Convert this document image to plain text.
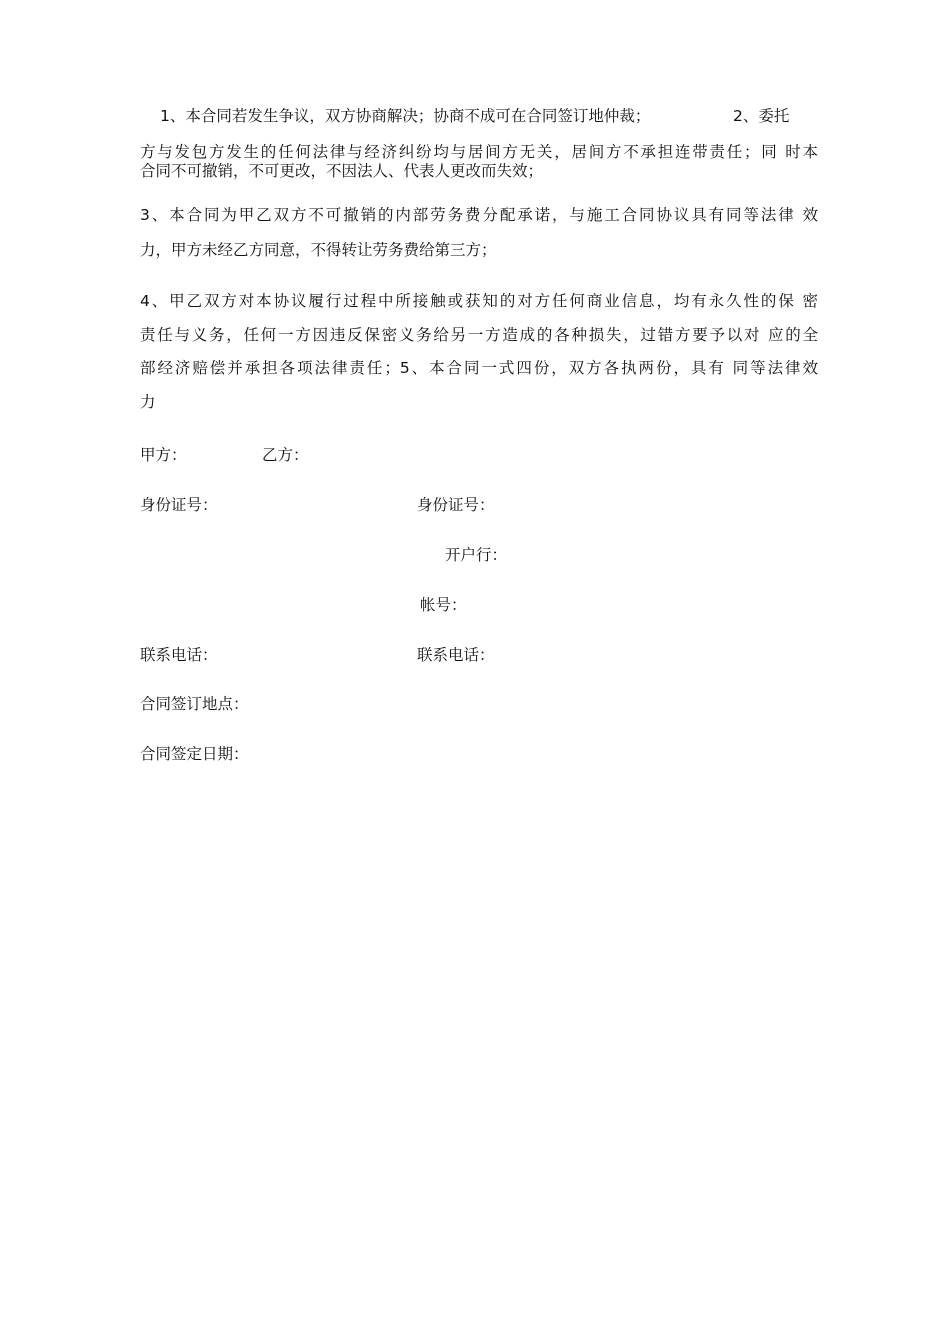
1、本合同若发生争议，双方协商解决；协商不成可在合同签订地仲裁；	2、委托
方与发包方发生的任何法律与经济纠纷均与居间方无关，居间方不承担连带责任；同 时本
合同不可撤销，不可更改，不因法人、代表人更改而失效；
3、本合同为甲乙双方不可撤销的内部劳务费分配承诺，与施工合同协议具有同等法律 效
力，甲方未经乙方同意，不得转让劳务费给第三方；
4、甲乙双方对本协议履行过程中所接触或获知的对方任何商业信息，均有永久性的保 密
责任与义务，任何一方因违反保密义务给另一方造成的各种损失，过错方要予以对 应的全
部经济赔偿并承担各项法律责任；5、本合同一式四份，双方各执两份，具有 同等法律效
力
甲方：	乙方：
身份证号：	身份证号：
开户行：
帐号：
联系电话：	联系电话：
合同签订地点：
合同签定日期：
